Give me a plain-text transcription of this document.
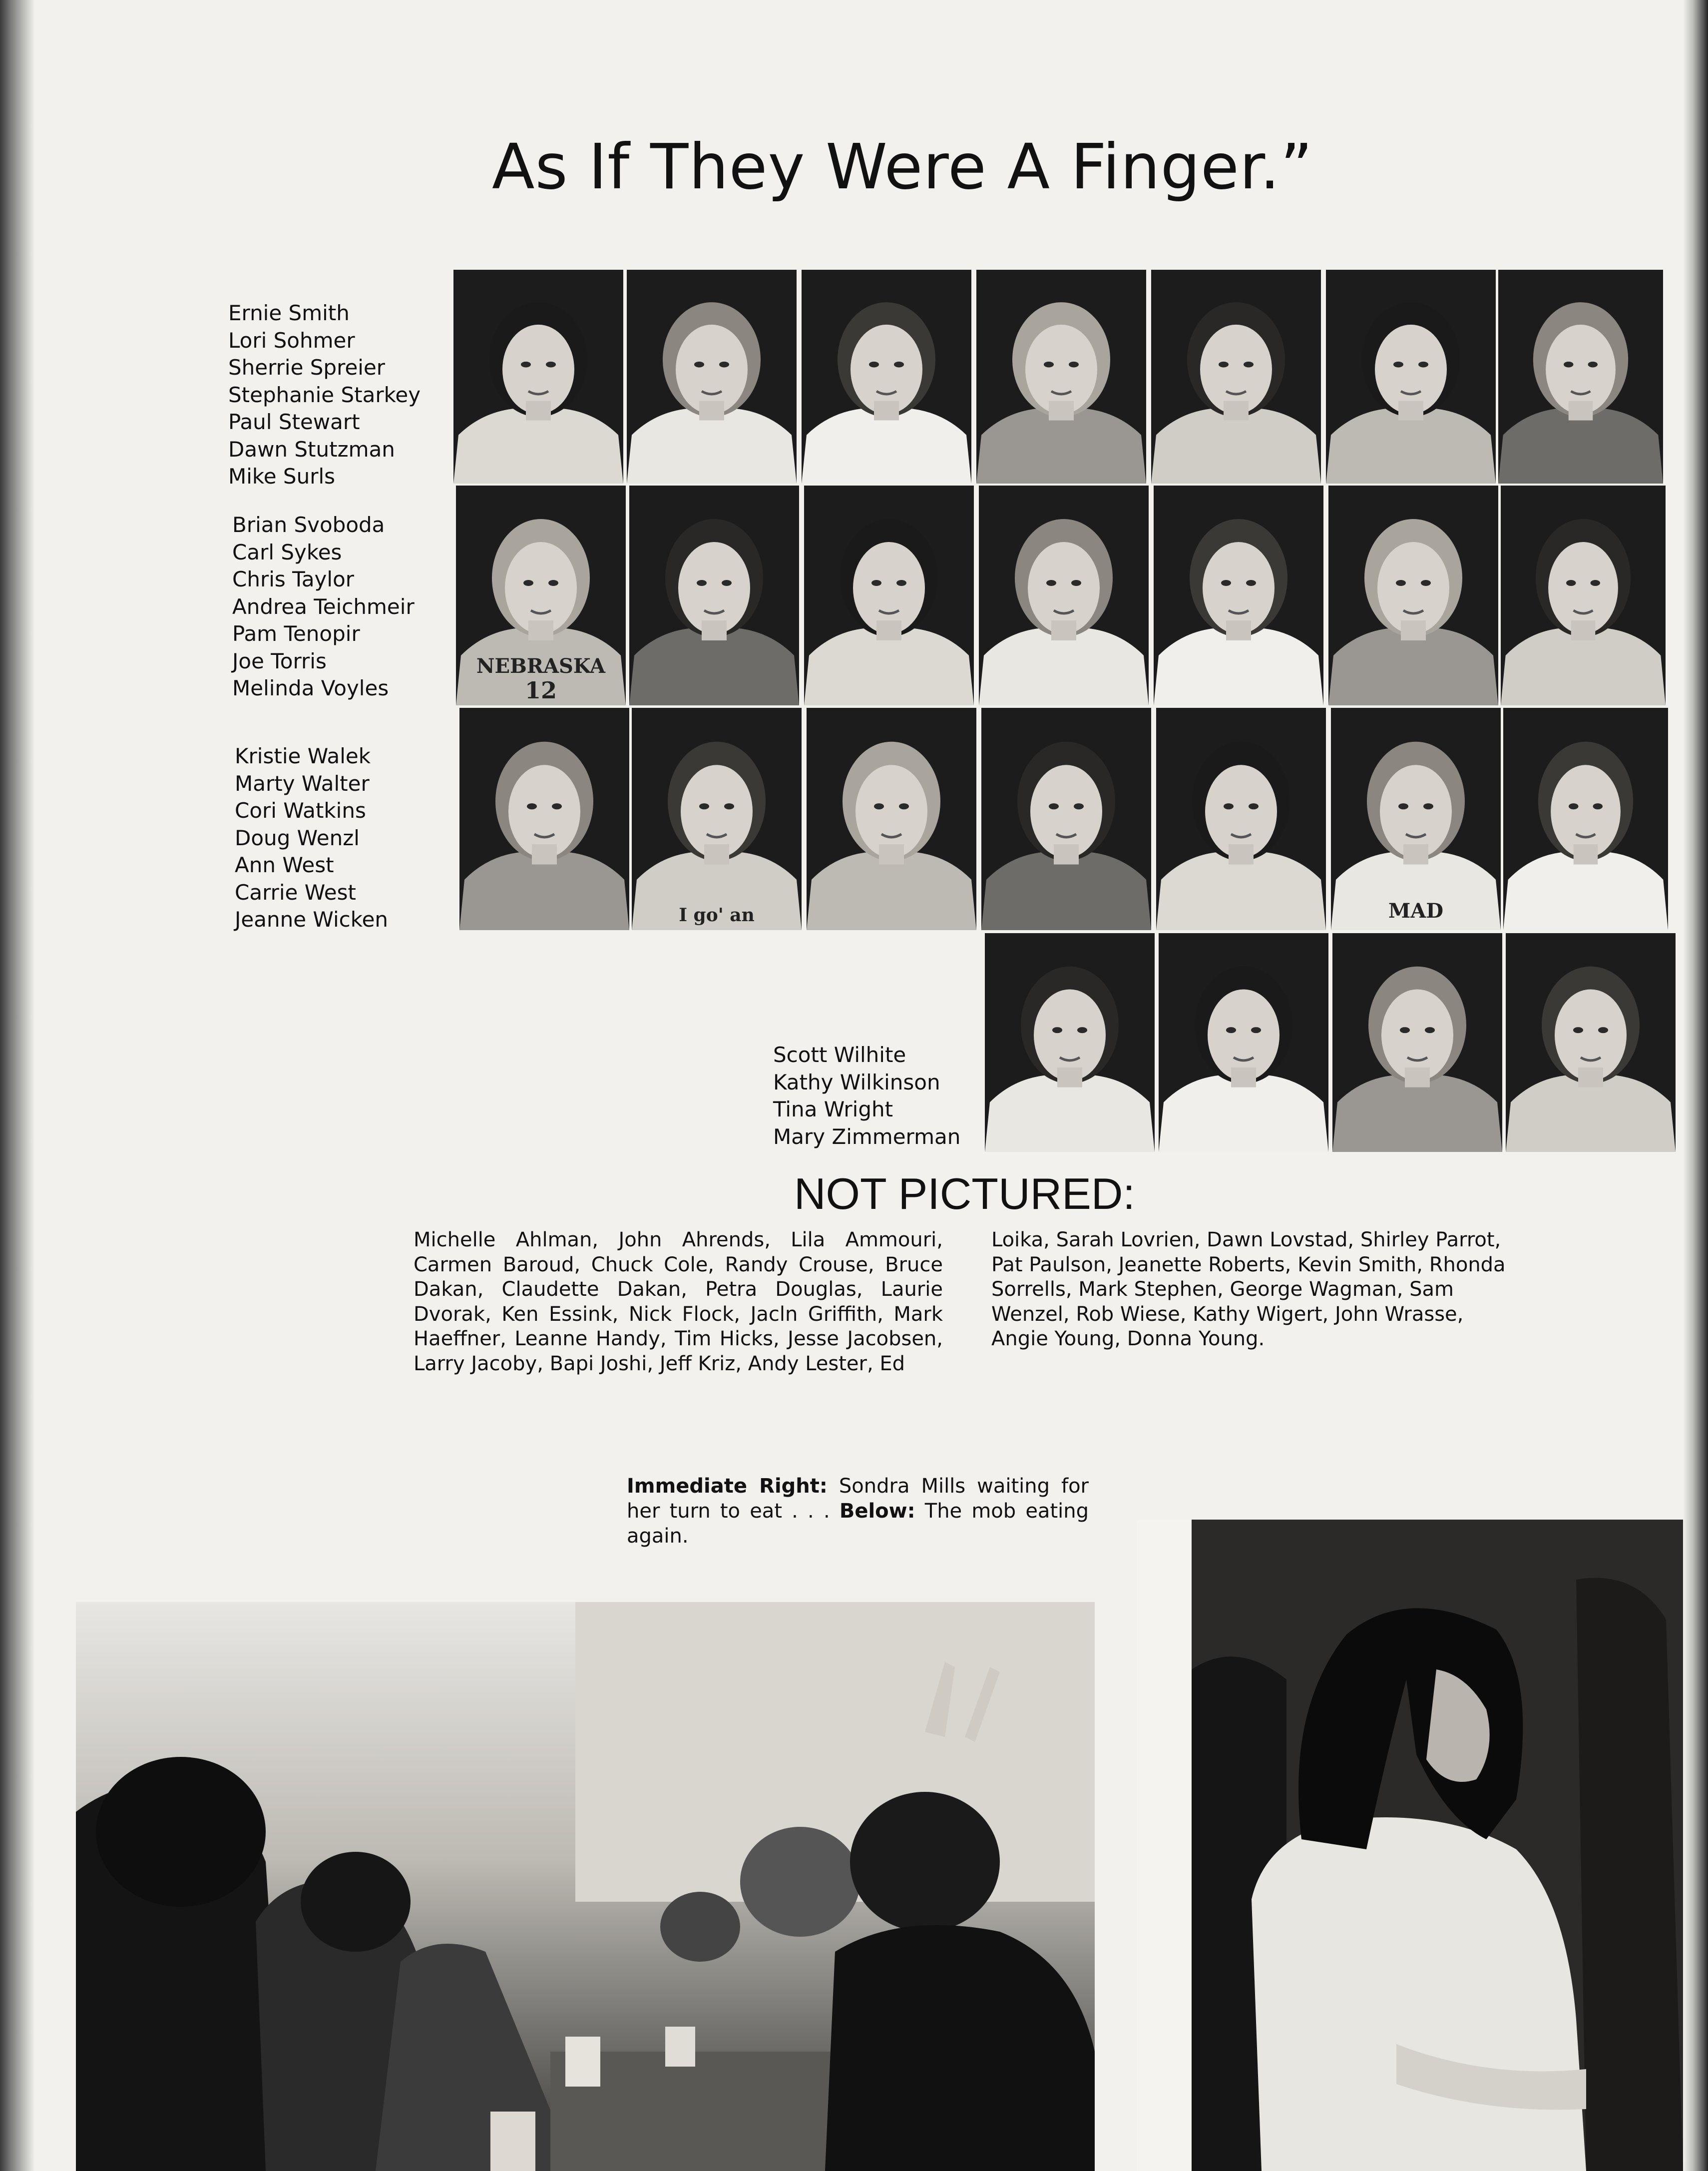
As If They Were A Finger.”
Ernie Smith
Lori Sohmer
Sherrie Spreier
Stephanie Starkey
Paul Stewart
Dawn Stutzman
Mike Surls
Brian Svoboda
Carl Sykes
Chris Taylor
Andrea Teichmeir
Pam Tenopir
Joe Torris
Melinda Voyles
Kristie Walek
Marty Walter
Cori Watkins
Doug Wenzl
Ann West
Carrie West
Jeanne Wicken
Scott Wilhite
Kathy Wilkinson
Tina Wright
Mary Zimmerman
NEBRASKA
12
I go' an	MAD
NOT PICTURED:

Michelle Ahlman, John Ahrends, Lila Ammouri, Carmen Baroud, Chuck Cole, Randy Crouse, Bruce Dakan, Claudette Dakan, Petra Douglas, Laurie Dvorak, Ken Essink, Nick Flock, Jacln Griffith, Mark Haeffner, Leanne Handy, Tim Hicks, Jesse Jacobsen, Larry Jacoby, Bapi Joshi, Jeff Kriz, Andy Lester, Ed

Loika, Sarah Lovrien, Dawn Lovstad, Shirley Parrot, Pat Paulson, Jeanette Roberts, Kevin Smith, Rhonda Sorrells, Mark Stephen, George Wagman, Sam Wenzel, Rob Wiese, Kathy Wigert, John Wrasse, Angie Young, Donna Young.

Immediate Right: Sondra Mills waiting for her turn to eat . . . Below: The mob eating again.
